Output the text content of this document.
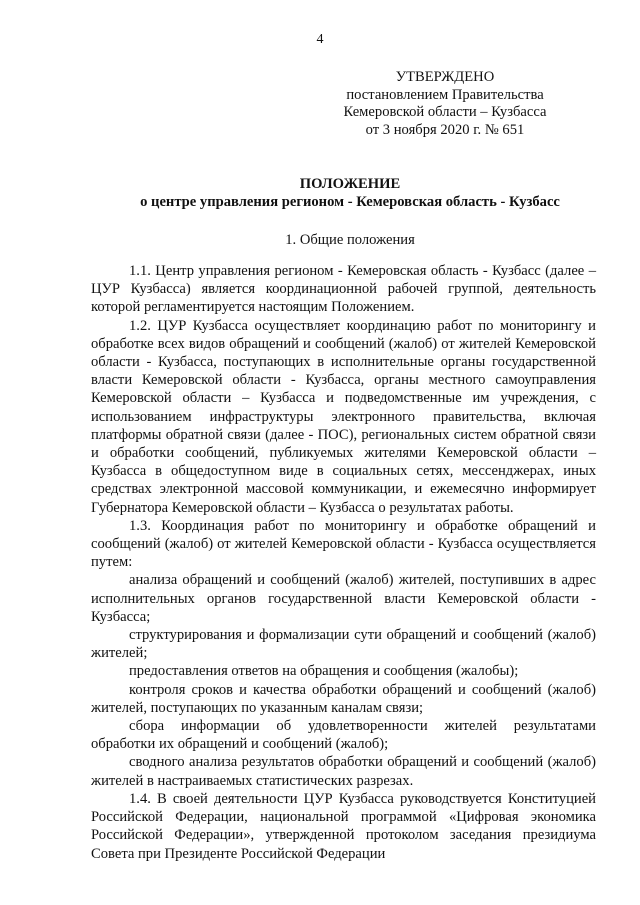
4
УТВЕРЖДЕНО
постановлением Правительства
Кемеровской области – Кузбасса
от 3 ноября 2020 г. № 651
ПОЛОЖЕНИЕ
о центре управления регионом - Кемеровская область - Кузбасс
1. Общие положения

1.1. Центр управления регионом - Кемеровская область - Кузбасс (далее – ЦУР Кузбасса) является координационной рабочей группой, деятельность которой регламентируется настоящим Положением.

1.2. ЦУР Кузбасса осуществляет координацию работ по мониторингу и обработке всех видов обращений и сообщений (жалоб) от жителей Кемеровской области - Кузбасса, поступающих в исполнительные органы государственной власти Кемеровской области - Кузбасса, органы местного самоуправления Кемеровской области – Кузбасса и подведомственные им учреждения, с использованием инфраструктуры электронного правительства, включая платформы обратной связи (далее - ПОС), региональных систем обратной связи и обработки сообщений, публикуемых жителями Кемеровской области – Кузбасса в общедоступном виде в социальных сетях, мессенджерах, иных средствах электронной массовой коммуникации, и ежемесячно информирует Губернатора Кемеровской области – Кузбасса о результатах работы.

1.3. Координация работ по мониторингу и обработке обращений и сообщений (жалоб) от жителей Кемеровской области - Кузбасса осуществляется путем:

анализа обращений и сообщений (жалоб) жителей, поступивших в адрес исполнительных органов государственной власти Кемеровской области - Кузбасса;

структурирования и формализации сути обращений и сообщений (жалоб) жителей;

предоставления ответов на обращения и сообщения (жалобы);

контроля сроков и качества обработки обращений и сообщений (жалоб) жителей, поступающих по указанным каналам связи;

сбора информации об удовлетворенности жителей результатами обработки их обращений и сообщений (жалоб);

сводного анализа результатов обработки обращений и сообщений (жалоб) жителей в настраиваемых статистических разрезах.

1.4. В своей деятельности ЦУР Кузбасса руководствуется Конституцией Российской Федерации, национальной программой «Цифровая экономика Российской Федерации», утвержденной протоколом заседания президиума Совета при Президенте Российской Федерации
